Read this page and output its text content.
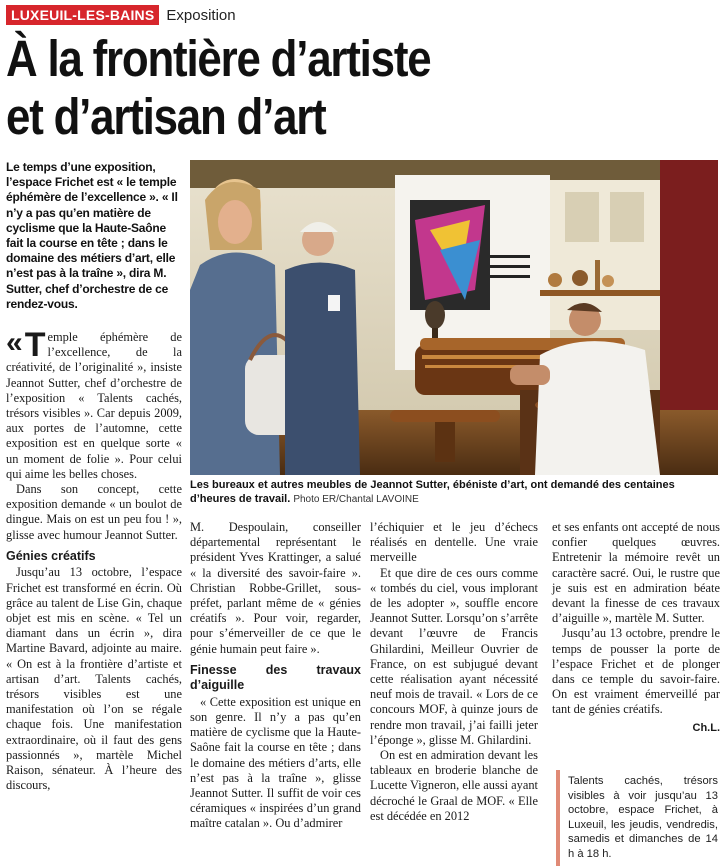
LUXEUIL-LES-BAINS Exposition
À la frontière d’artiste
et d’artisan d’art
Le temps d’une exposition, l’espace Frichet est « le temple éphémère de l’excellence ». « Il n’y a pas qu’en matière de cyclisme que la Haute-Saône fait la course en tête ; dans le domaine des métiers d’art, elle n’est pas à la traîne », dira M. Sutter, chef d’orchestre de ce rendez-vous.
Les bureaux et autres meubles de Jeannot Sutter, ébéniste d’art, ont demandé des centaines d’heures de travail. Photo ER/Chantal LAVOINE

« T emple éphémère de l’excellence, de la créativité, de l’originalité », insiste Jeannot Sutter, chef d’orchestre de l’exposition « Talents cachés, trésors visibles ». Car depuis 2009, aux portes de l’automne, cette exposition est en quelque sorte « un moment de folie ». Pour celui qui aime les belles choses.

Dans son concept, cette exposition demande « un boulot de dingue. Mais on est un peu fou ! », glisse avec humour Jeannot Sutter.

Génies créatifs

Jusqu’au 13 octobre, l’espace Frichet est transformé en écrin. Où grâce au talent de Lise Gin, chaque objet est mis en scène. « Tel un diamant dans un écrin », dira Martine Bavard, adjointe au maire. « On est à la frontière d’artiste et artisan d’art. Talents cachés, trésors visibles est une manifestation où l’on se régale chaque fois. Une manifestation extraordinaire, où il faut des gens passionnés », martèle Michel Raison, sénateur. À l’heure des discours,

M. Despoulain, conseiller départemental représentant le président Yves Krattinger, a salué « la diversité des savoir-faire ». Christian Robbe-Grillet, sous-préfet, parlant même de « génies créatifs ». Pour voir, regarder, pour s’émerveiller de ce que le génie humain peut faire ».

Finesse des travaux d’aiguille

« Cette exposition est unique en son genre. Il n’y a pas qu’en matière de cyclisme que la Haute-Saône fait la course en tête ; dans le domaine des métiers d’arts, elle n’est pas à la traîne », glisse Jeannot Sutter. Il suffit de voir ces céramiques « inspirées d’un grand maître catalan ». Ou d’admirer

l’échiquier et le jeu d’échecs réalisés en dentelle. Une vraie merveille

Et que dire de ces ours comme « tombés du ciel, vous implorant de les adopter », souffle encore Jeannot Sutter. Lorsqu’on s’arrête devant l’œuvre de Francis Ghilardini, Meilleur Ouvrier de France, on est subjugué devant cette réalisation ayant nécessité neuf mois de travail. « Lors de ce concours MOF, à quinze jours de rendre mon travail, j’ai failli jeter l’éponge », glisse M. Ghilardini.

On est en admiration devant les tableaux en broderie blanche de Lucette Vigneron, elle aussi ayant décroché le Graal de MOF. « Elle est décédée en 2012

et ses enfants ont accepté de nous confier quelques œuvres. Entretenir la mémoire revêt un caractère sacré. Oui, le rustre que je suis est en admiration béate devant la finesse de ces travaux d’aiguille », martèle M. Sutter.

Jusqu’au 13 octobre, prendre le temps de pousser la porte de l’espace Frichet et de plonger dans ce temple du savoir-faire. On est vraiment émerveillé par tant de génies créatifs.

Ch.L.
Talents cachés, trésors visibles à voir jusqu’au 13 octobre, espace Frichet, à Luxeuil, les jeudis, vendredis, samedis et dimanches de 14 h à 18 h.
